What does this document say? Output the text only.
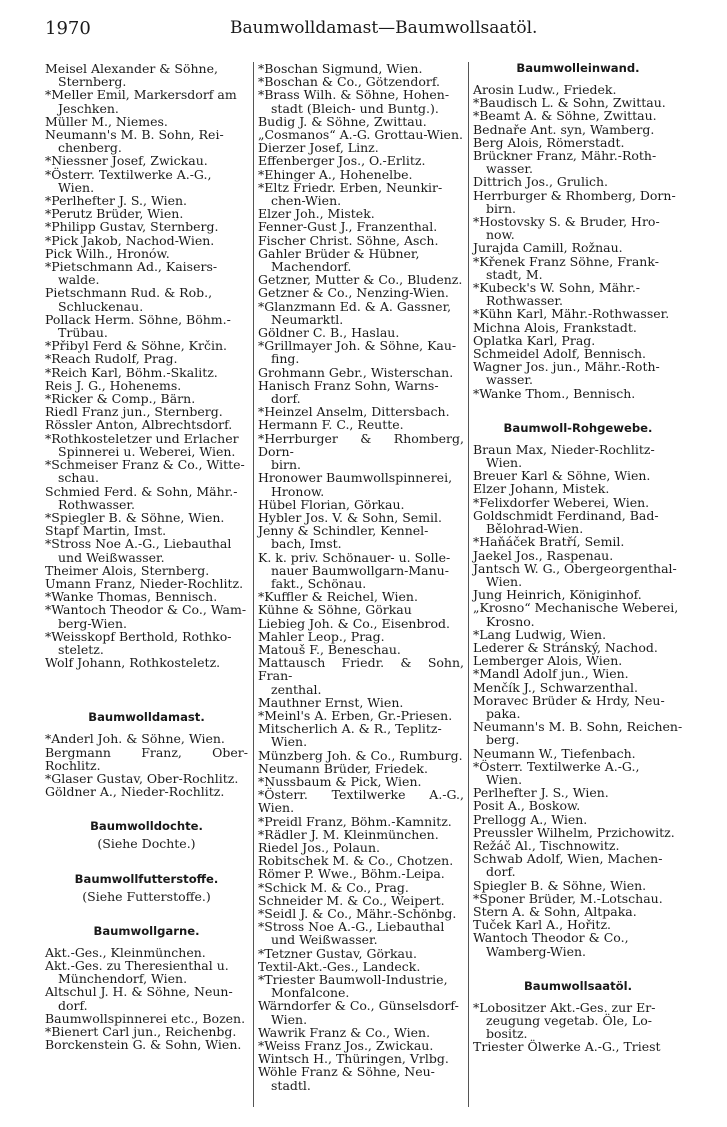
1970	Baumwolldamast—Baumwollsaatöl.
Meisel Alexander & Söhne,
Sternberg.
*Meller Emil, Markersdorf am
Jeschken.
Müller M., Niemes.
Neumann's M. B. Sohn, Rei-
chenberg.
*Niessner Josef, Zwickau.
*Österr. Textilwerke A.-G.,
Wien.
*Perlhefter J. S., Wien.
*Perutz Brüder, Wien.
*Philipp Gustav, Sternberg.
*Pick Jakob, Nachod-Wien.
Pick Wilh., Hronów.
*Pietschmann Ad., Kaisers-
walde.
Pietschmann Rud. & Rob.,
Schluckenau.
Pollack Herm. Söhne, Böhm.-
Trübau.
*Přibyl Ferd & Söhne, Krčin.
*Reach Rudolf, Prag.
*Reich Karl, Böhm.-Skalitz.
Reis J. G., Hohenems.
*Ricker & Comp., Bärn.
Riedl Franz jun., Sternberg.
Rössler Anton, Albrechtsdorf.
*Rothkosteletzer und Erlacher
Spinnerei u. Weberei, Wien.
*Schmeiser Franz & Co., Witte-
schau.
Schmied Ferd. & Sohn, Mähr.-
Rothwasser.
*Spiegler B. & Söhne, Wien.
Stapf Martin, Imst.
*Stross Noe A.-G., Liebauthal
und Weißwasser.
Theimer Alois, Sternberg.
Umann Franz, Nieder-Rochlitz.
*Wanke Thomas, Bennisch.
*Wantoch Theodor & Co., Wam-
berg-Wien.
*Weisskopf Berthold, Rothko-
steletz.
Wolf Johann, Rothkosteletz.
Baumwolldamast.
*Anderl Joh. & Söhne, Wien.
Bergmann Franz, Ober-Rochlitz.
*Glaser Gustav, Ober-Rochlitz.
Göldner A., Nieder-Rochlitz.
Baumwolldochte.
(Siehe Dochte.)
Baumwollfutterstoffe.
(Siehe Futterstoffe.)
Baumwollgarne.
Akt.-Ges., Kleinmünchen.
Akt.-Ges. zu Theresienthal u.
Münchendorf, Wien.
Altschul J. H. & Söhne, Neun-
dorf.
Baumwollspinnerei etc., Bozen.
*Bienert Carl jun., Reichenbg.
Borckenstein G. & Sohn, Wien.
*Boschan Sigmund, Wien.
*Boschan & Co., Götzendorf.
*Brass Wilh. & Söhne, Hohen-
stadt (Bleich- und Buntg.).
Budig J. & Söhne, Zwittau.
„Cosmanos“ A.-G. Grottau-Wien.
Dierzer Josef, Linz.
Effenberger Jos., O.-Erlitz.
*Ehinger A., Hohenelbe.
*Eltz Friedr. Erben, Neunkir-
chen-Wien.
Elzer Joh., Mistek.
Fenner-Gust J., Franzenthal.
Fischer Christ. Söhne, Asch.
Gahler Brüder & Hübner,
Machendorf.
Getzner, Mutter & Co., Bludenz.
Getzner & Co., Nenzing-Wien.
*Glanzmann Ed. & A. Gassner,
Neumarktl.
Göldner C. B., Haslau.
*Grillmayer Joh. & Söhne, Kau-
fing.
Grohmann Gebr., Wisterschan.
Hanisch Franz Sohn, Warns-
dorf.
*Heinzel Anselm, Dittersbach.
Hermann F. C., Reutte.
*Herrburger & Rhomberg, Dorn-
birn.
Hronower Baumwollspinnerei,
Hronow.
Hübel Florian, Görkau.
Hybler Jos. V. & Sohn, Semil.
Jenny & Schindler, Kennel-
bach, Imst.
K. k. priv. Schönauer- u. Solle-
nauer Baumwollgarn-Manu-
fakt., Schönau.
*Kuffler & Reichel, Wien.
Kühne & Söhne, Görkau
Liebieg Joh. & Co., Eisenbrod.
Mahler Leop., Prag.
Matouš F., Beneschau.
Mattausch Friedr. & Sohn, Fran-
zenthal.
Mauthner Ernst, Wien.
*Meinl's A. Erben, Gr.-Priesen.
Mitscherlich A. & R., Teplitz-
Wien.
Münzberg Joh. & Co., Rumburg.
Neumann Brüder, Friedek.
*Nussbaum & Pick, Wien.
*Österr. Textilwerke A.-G., Wien.
*Preidl Franz, Böhm.-Kamnitz.
*Rädler J. M. Kleinmünchen.
Riedel Jos., Polaun.
Robitschek M. & Co., Chotzen.
Römer P. Wwe., Böhm.-Leipa.
*Schick M. & Co., Prag.
Schneider M. & Co., Weipert.
*Seidl J. & Co., Mähr.-Schönbg.
*Stross Noe A.-G., Liebauthal
und Weißwasser.
*Tetzner Gustav, Görkau.
Textil-Akt.-Ges., Landeck.
*Triester Baumwoll-Industrie,
Monfalcone.
Wärndorfer & Co., Günselsdorf-
Wien.
Wawrik Franz & Co., Wien.
*Weiss Franz Jos., Zwickau.
Wintsch H., Thüringen, Vrlbg.
Wöhle Franz & Söhne, Neu-
stadtl.
Baumwolleinwand.
Arosin Ludw., Friedek.
*Baudisch L. & Sohn, Zwittau.
*Beamt A. & Söhne, Zwittau.
Bednaře Ant. syn, Wamberg.
Berg Alois, Römerstadt.
Brückner Franz, Mähr.-Roth-
wasser.
Dittrich Jos., Grulich.
Herrburger & Rhomberg, Dorn-
birn.
*Hostovsky S. & Bruder, Hro-
now.
Jurajda Camill, Rožnau.
*Křenek Franz Söhne, Frank-
stadt, M.
*Kubeck's W. Sohn, Mähr.-
Rothwasser.
*Kühn Karl, Mähr.-Rothwasser.
Michna Alois, Frankstadt.
Oplatka Karl, Prag.
Schmeidel Adolf, Bennisch.
Wagner Jos. jun., Mähr.-Roth-
wasser.
*Wanke Thom., Bennisch.
Baumwoll-Rohgewebe.
Braun Max, Nieder-Rochlitz-
Wien.
Breuer Karl & Söhne, Wien.
Elzer Johann, Mistek.
*Felixdorfer Weberei, Wien.
Goldschmidt Ferdinand, Bad-
Bělohrad-Wien.
*Haňáček Bratří, Semil.
Jaekel Jos., Raspenau.
Jantsch W. G., Obergeorgenthal-
Wien.
Jung Heinrich, Königinhof.
„Krosno“ Mechanische Weberei,
Krosno.
*Lang Ludwig, Wien.
Lederer & Stránský, Nachod.
Lemberger Alois, Wien.
*Mandl Adolf jun., Wien.
Menčík J., Schwarzenthal.
Moravec Brüder & Hrdy, Neu-
paka.
Neumann's M. B. Sohn, Reichen-
berg.
Neumann W., Tiefenbach.
*Österr. Textilwerke A.-G.,
Wien.
Perlhefter J. S., Wien.
Posit A., Boskow.
Prellogg A., Wien.
Preussler Wilhelm, Przichowitz.
Režáč Al., Tischnowitz.
Schwab Adolf, Wien, Machen-
dorf.
Spiegler B. & Söhne, Wien.
*Sponer Brüder, M.-Lotschau.
Stern A. & Sohn, Altpaka.
Tuček Karl A., Hořitz.
Wantoch Theodor & Co.,
Wamberg-Wien.
Baumwollsaatöl.
*Lobositzer Akt.-Ges. zur Er-
zeugung vegetab. Öle, Lo-
bositz.
Triester Ölwerke A.-G., Triest
